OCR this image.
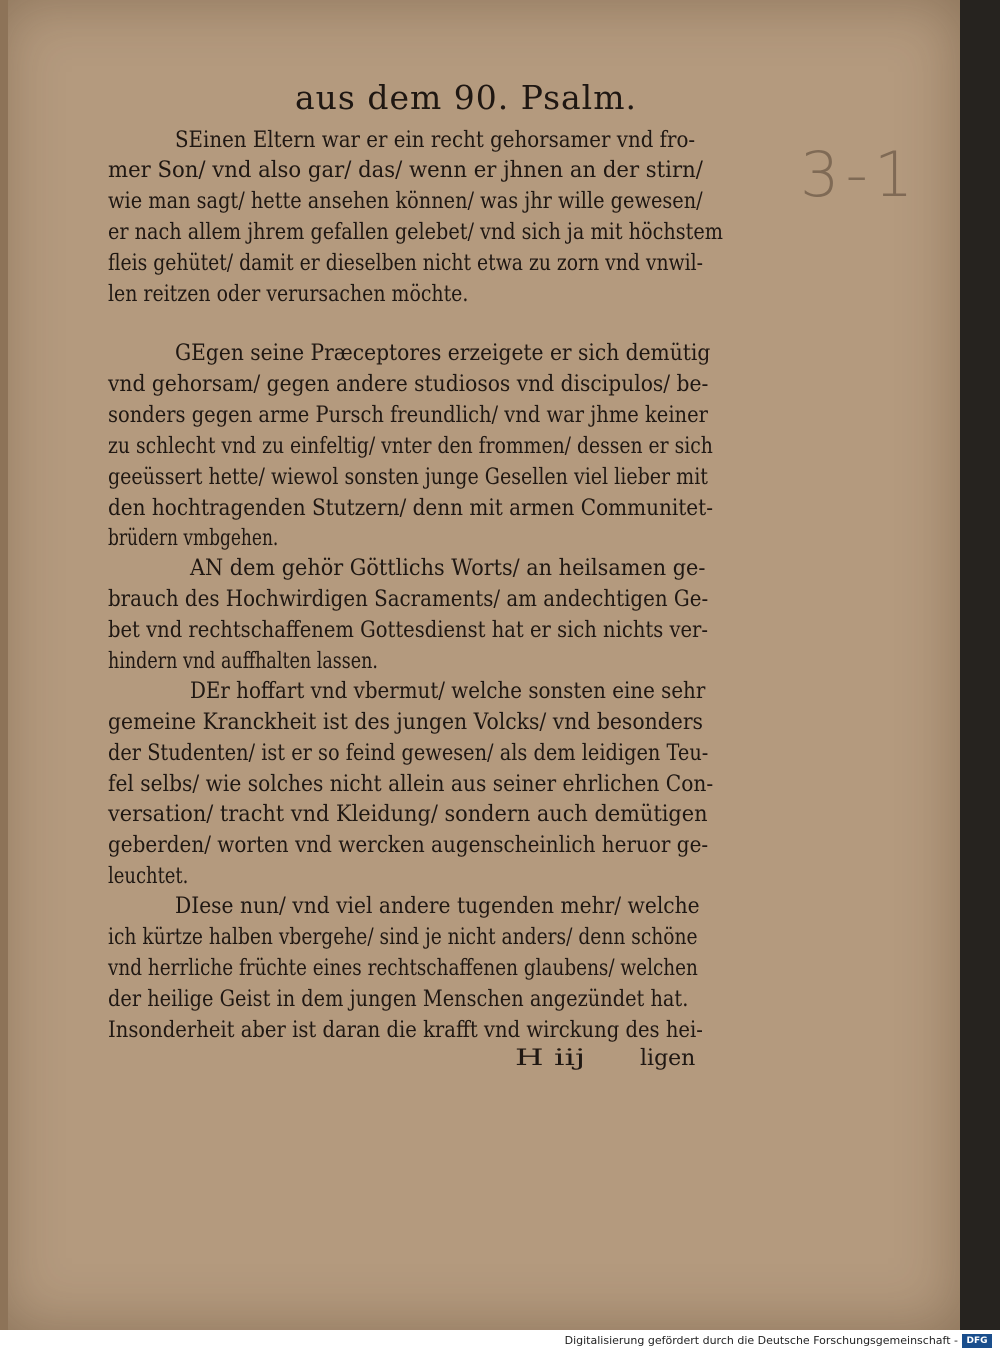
aus dem 90. Psalm.
3-1
SEinen Eltern war er ein recht gehorsamer vnd fro-
mer Son/ vnd also gar/ das/ wenn er jhnen an der stirn/
wie man sagt/ hette ansehen können/ was jhr wille gewesen/
er nach allem jhrem gefallen gelebet/ vnd sich ja mit höchstem
fleis gehütet/ damit er dieselben nicht etwa zu zorn vnd vnwil-
len reitzen oder verursachen möchte.
GEgen seine Præceptores erzeigete er sich demütig
vnd gehorsam/ gegen andere studiosos vnd discipulos/ be-
sonders gegen arme Pursch freundlich/ vnd war jhme keiner
zu schlecht vnd zu einfeltig/ vnter den frommen/ dessen er sich
geeüssert hette/ wiewol sonsten junge Gesellen viel lieber mit
den hochtragenden Stutzern/ denn mit armen Communitet-
brüdern vmbgehen.
AN dem gehör Göttlichs Worts/ an heilsamen ge-
brauch des Hochwirdigen Sacraments/ am andechtigen Ge-
bet vnd rechtschaffenem Gottesdienst hat er sich nichts ver-
hindern vnd auffhalten lassen.
DEr hoffart vnd vbermut/ welche sonsten eine sehr
gemeine Kranckheit ist des jungen Volcks/ vnd besonders
der Studenten/ ist er so feind gewesen/ als dem leidigen Teu-
fel selbs/ wie solches nicht allein aus seiner ehrlichen Con-
versation/ tracht vnd Kleidung/ sondern auch demütigen
geberden/ worten vnd wercken augenscheinlich heruor ge-
leuchtet.
DIese nun/ vnd viel andere tugenden mehr/ welche
ich kürtze halben vbergehe/ sind je nicht anders/ denn schöne
vnd herrliche früchte eines rechtschaffenen glaubens/ welchen
der heilige Geist in dem jungen Menschen angezündet hat.
Insonderheit aber ist daran die krafft vnd wirckung des hei-
H iij ligen
Digitalisierung gefördert durch die Deutsche Forschungsgemeinschaft - DFG
